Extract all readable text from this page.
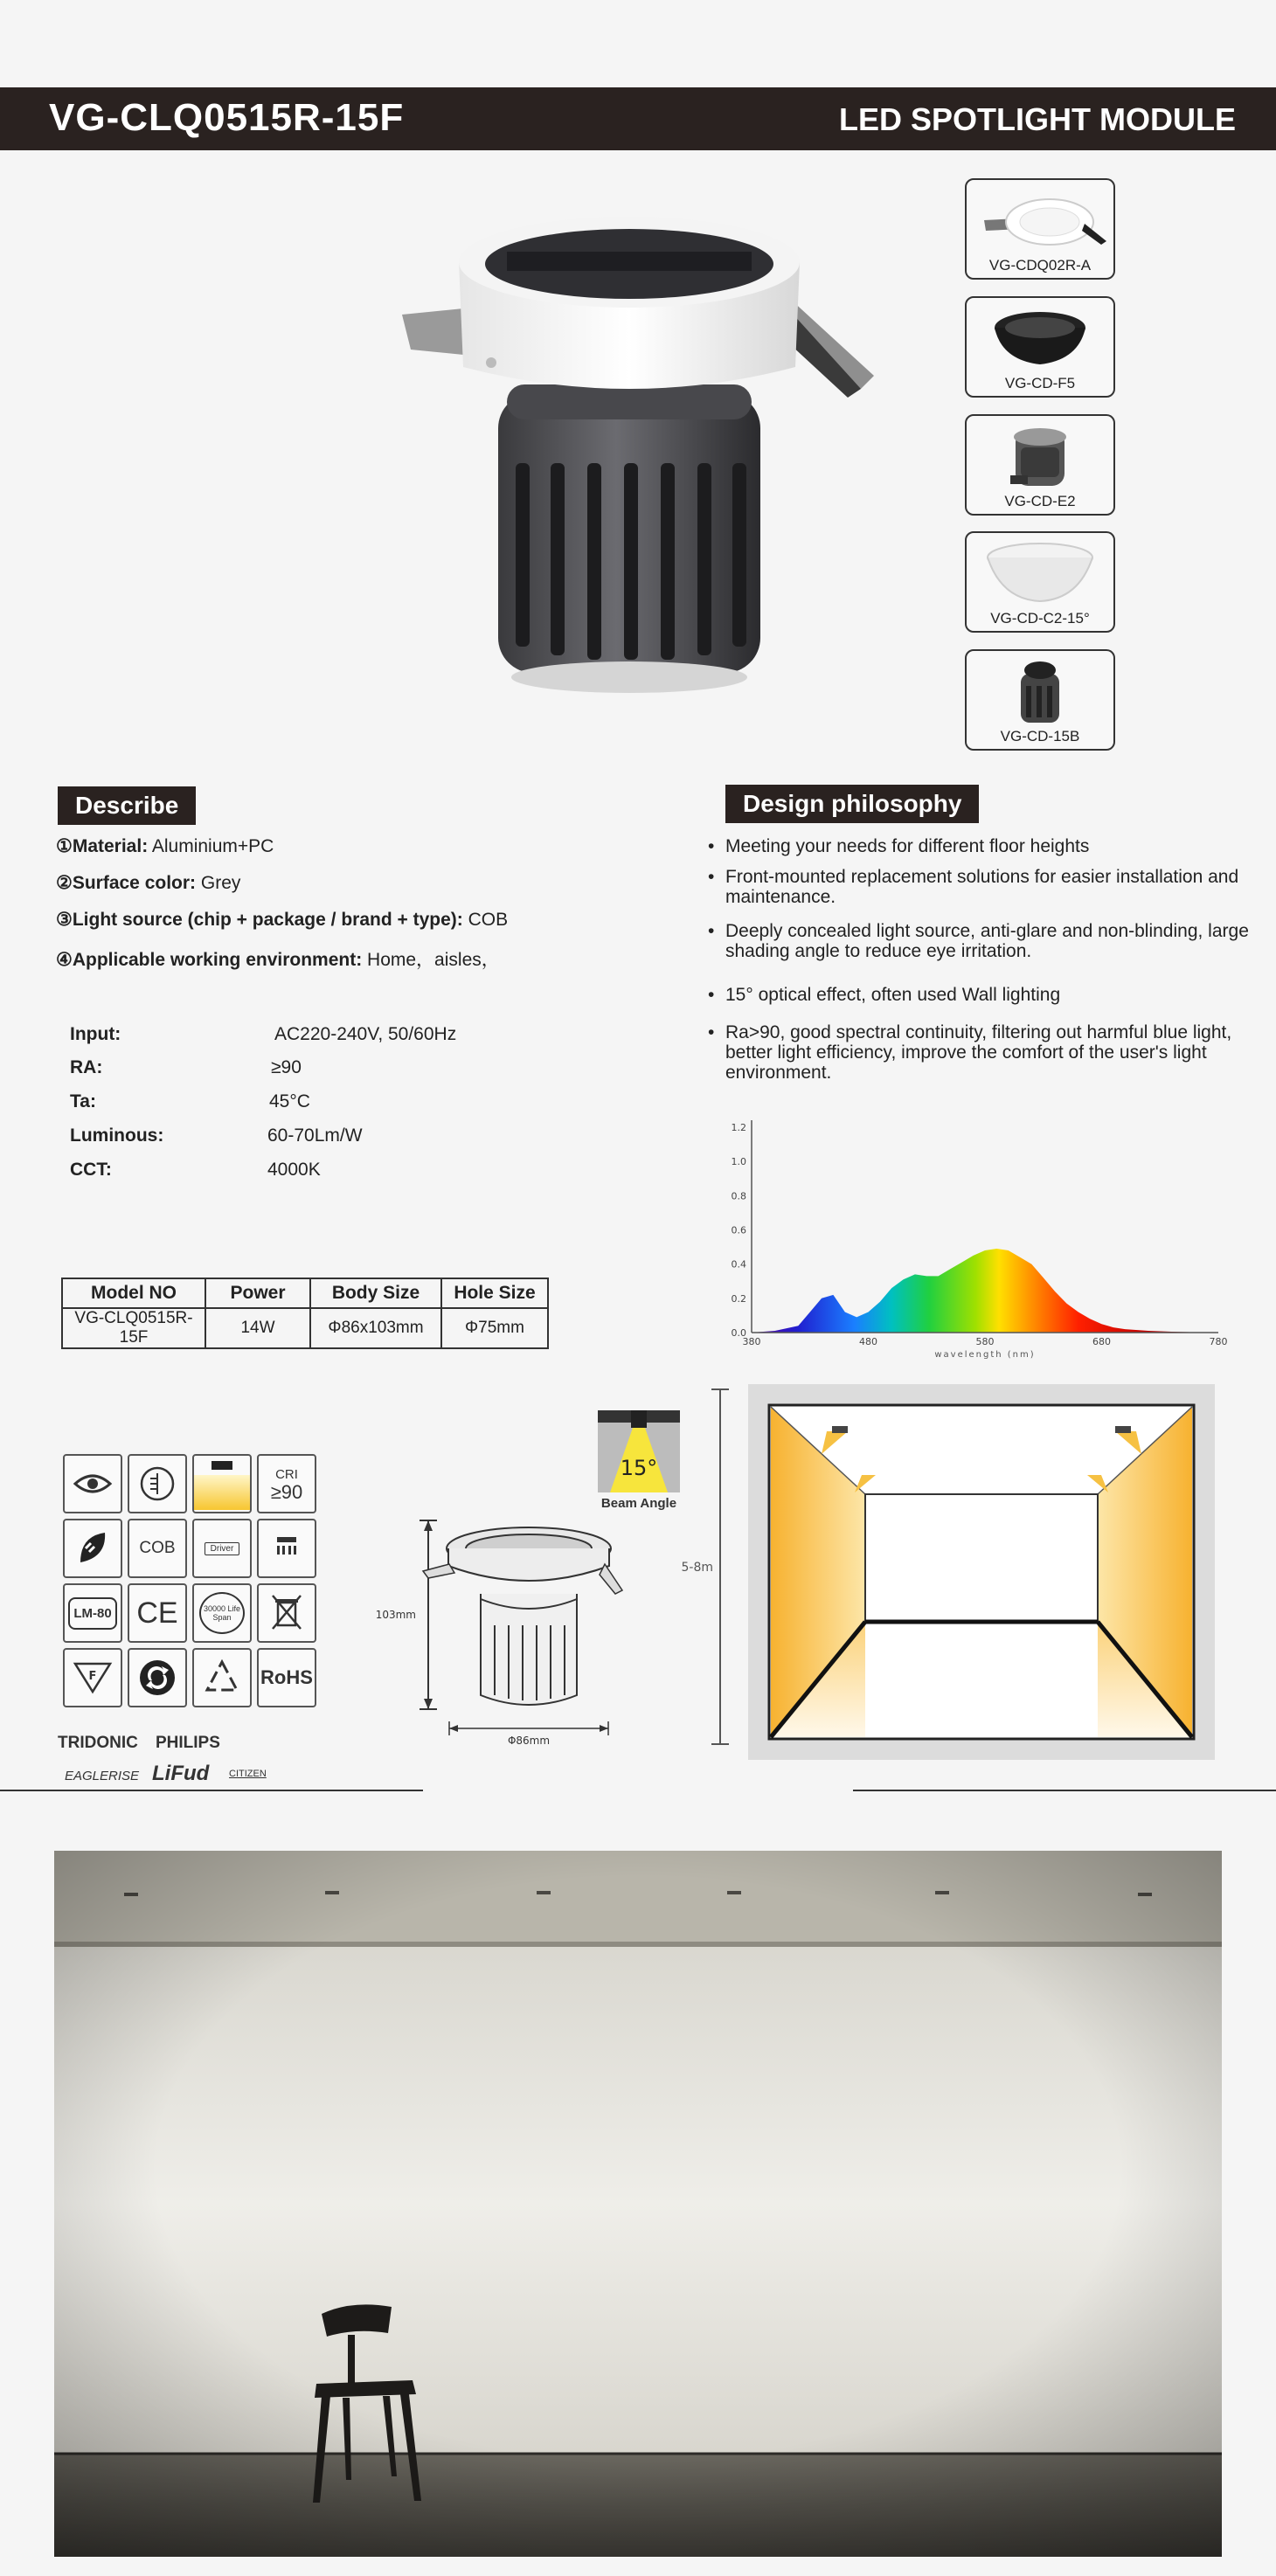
VG-CLQ0515R-15F	LED SPOTLIGHT MODULE
VG-CDQ02R-A
VG-CD-F5
VG-CD-E2
VG-CD-C2-15°
VG-CD-15B
Describe
①Material: Aluminium+PC
②Surface color: Grey
③Light source (chip + package / brand + type): COB
④Applicable working environment: Home，aisles，
Input:	AC220-240V, 50/60Hz
RA:	≥90
Ta:	45°C
Luminous:	60-70Lm/W
CCT:	4000K
Design philosophy
• Meeting your needs for different floor heights
• Front-mounted replacement solutions for easier installation and maintenance.
• Deeply concealed light source, anti-glare and non-blinding, large shading angle to reduce eye irritation.
• 15° optical effect, often used Wall lighting
• Ra>90, good spectral continuity, filtering out harmful blue light, better light efficiency, improve the comfort of the user's light environment.
380	480	580	680	780
0.0
0.2
0.4
0.6
0.8
1.0
1.2
wavelength (nm)
Model NO	Power	Body Size	Hole Size
VG-CLQ0515R-15F	14W	Φ86x103mm	Φ75mm
CRI
≥90
COB	Driver
LM-80 CE	30000 Life Span
F	RoHS
TRIDONIC PHILIPS
EAGLERISE LiFud CITIZEN
15°
Beam Angle
103mm
Φ86mm
5-8m
